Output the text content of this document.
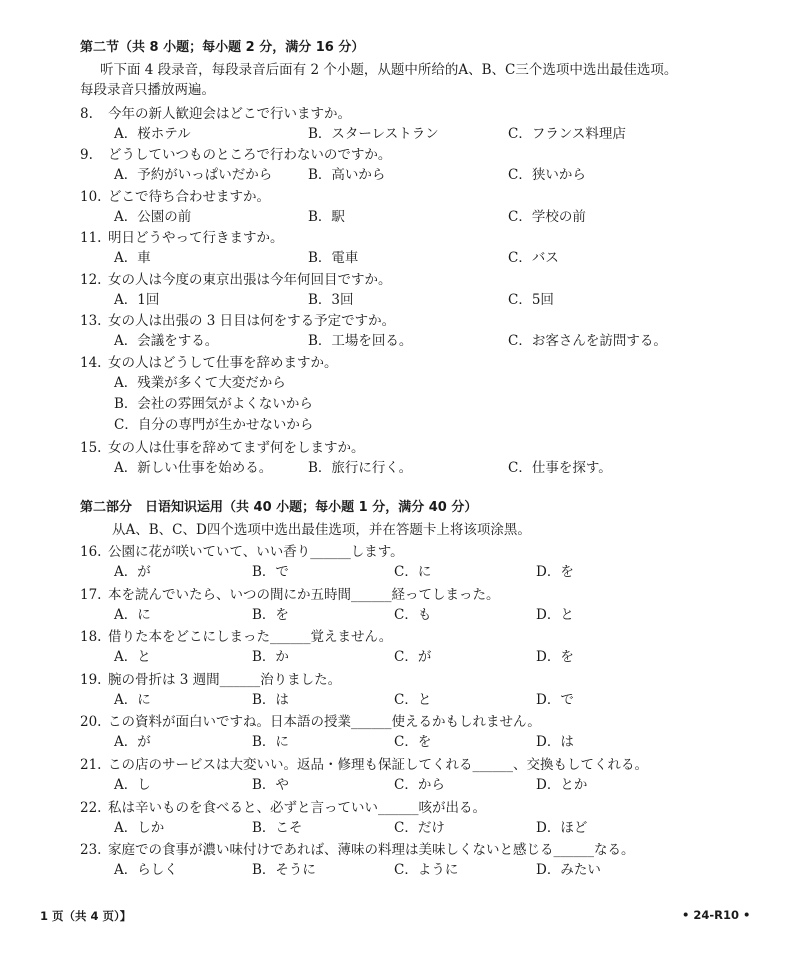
第二节（共 8 小题；每小题 2 分，满分 16 分）
听下面 4 段录音，每段录音后面有 2 个小题，从题中所给的A、B、C三个选项中选出最佳选项。
每段录音只播放两遍。
8. 今年の新人歓迎会はどこで行いますか。
A．桜ホテル	B．スターレストラン	C．フランス料理店
9. どうしていつものところで行わないのですか。
A．予約がいっぱいだから	B．高いから	C．狭いから
10. どこで待ち合わせますか。
A．公園の前	B．駅	C．学校の前
11. 明日どうやって行きますか。
A．車	B．電車	C．バス
12. 女の人は今度の東京出張は今年何回目ですか。
A．1回	B．3回	C．5回
13. 女の人は出張の 3 日目は何をする予定ですか。
A．会議をする。	B．工場を回る。	C．お客さんを訪問する。
14. 女の人はどうして仕事を辞めますか。
A．残業が多くて大変だから
B．会社の雰囲気がよくないから
C．自分の専門が生かせないから
15. 女の人は仕事を辞めてまず何をしますか。
A．新しい仕事を始める。	B．旅行に行く。	C．仕事を探す。
第二部分　日语知识运用（共 40 小题；每小题 1 分，满分 40 分）
从A、B、C、D四个选项中选出最佳选项，并在答题卡上将该项涂黑。
16. 公園に花が咲いていて、いい香り______します。
A．が	B．で	C．に	D．を
17. 本を読んでいたら、いつの間にか五時間______経ってしまった。
A．に	B．を	C．も	D．と
18. 借りた本をどこにしまった______覚えません。
A．と	B．か	C．が	D．を
19. 腕の骨折は 3 週間______治りました。
A．に	B．は	C．と	D．で
20. この資料が面白いですね。日本語の授業______使えるかもしれません。
A．が	B．に	C．を	D．は
21. この店のサービスは大変いい。返品・修理も保証してくれる______、交換もしてくれる。
A．し	B．や	C．から	D．とか
22. 私は辛いものを食べると、必ずと言っていい______咳が出る。
A．しか	B．こそ	C．だけ	D．ほど
23. 家庭での食事が濃い味付けであれば、薄味の料理は美味しくないと感じる______なる。
A．らしく	B．そうに	C．ように	D．みたい
1 页（共 4 页）】	• 24-R10 •
